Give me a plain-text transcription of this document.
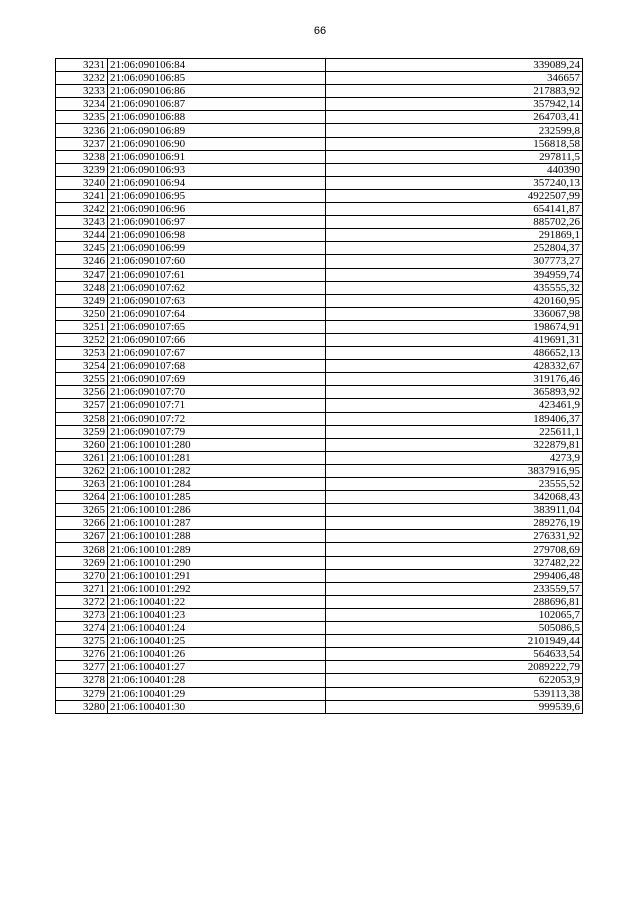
66
3231	21:06:090106:84	339089,24
3232	21:06:090106:85	346657
3233	21:06:090106:86	217883,92
3234	21:06:090106:87	357942,14
3235	21:06:090106:88	264703,41
3236	21:06:090106:89	232599,8
3237	21:06:090106:90	156818,58
3238	21:06:090106:91	297811,5
3239	21:06:090106:93	440390
3240	21:06:090106:94	357240,13
3241	21:06:090106:95	4922507,99
3242	21:06:090106:96	654141,87
3243	21:06:090106:97	885702,26
3244	21:06:090106:98	291869,1
3245	21:06:090106:99	252804,37
3246	21:06:090107:60	307773,27
3247	21:06:090107:61	394959,74
3248	21:06:090107:62	435555,32
3249	21:06:090107:63	420160,95
3250	21:06:090107:64	336067,98
3251	21:06:090107:65	198674,91
3252	21:06:090107:66	419691,31
3253	21:06:090107:67	486652,13
3254	21:06:090107:68	428332,67
3255	21:06:090107:69	319176,46
3256	21:06:090107:70	365893,92
3257	21:06:090107:71	423461,9
3258	21:06:090107:72	189406,37
3259	21:06:090107:79	225611,1
3260	21:06:100101:280	322879,81
3261	21:06:100101:281	4273,9
3262	21:06:100101:282	3837916,95
3263	21:06:100101:284	23555,52
3264	21:06:100101:285	342068,43
3265	21:06:100101:286	383911,04
3266	21:06:100101:287	289276,19
3267	21:06:100101:288	276331,92
3268	21:06:100101:289	279708,69
3269	21:06:100101:290	327482,22
3270	21:06:100101:291	299406,48
3271	21:06:100101:292	233559,57
3272	21:06:100401:22	288696,81
3273	21:06:100401:23	102065,7
3274	21:06:100401:24	505086,5
3275	21:06:100401:25	2101949,44
3276	21:06:100401:26	564633,54
3277	21:06:100401:27	2089222,79
3278	21:06:100401:28	622053,9
3279	21:06:100401:29	539113,38
3280	21:06:100401:30	999539,6
